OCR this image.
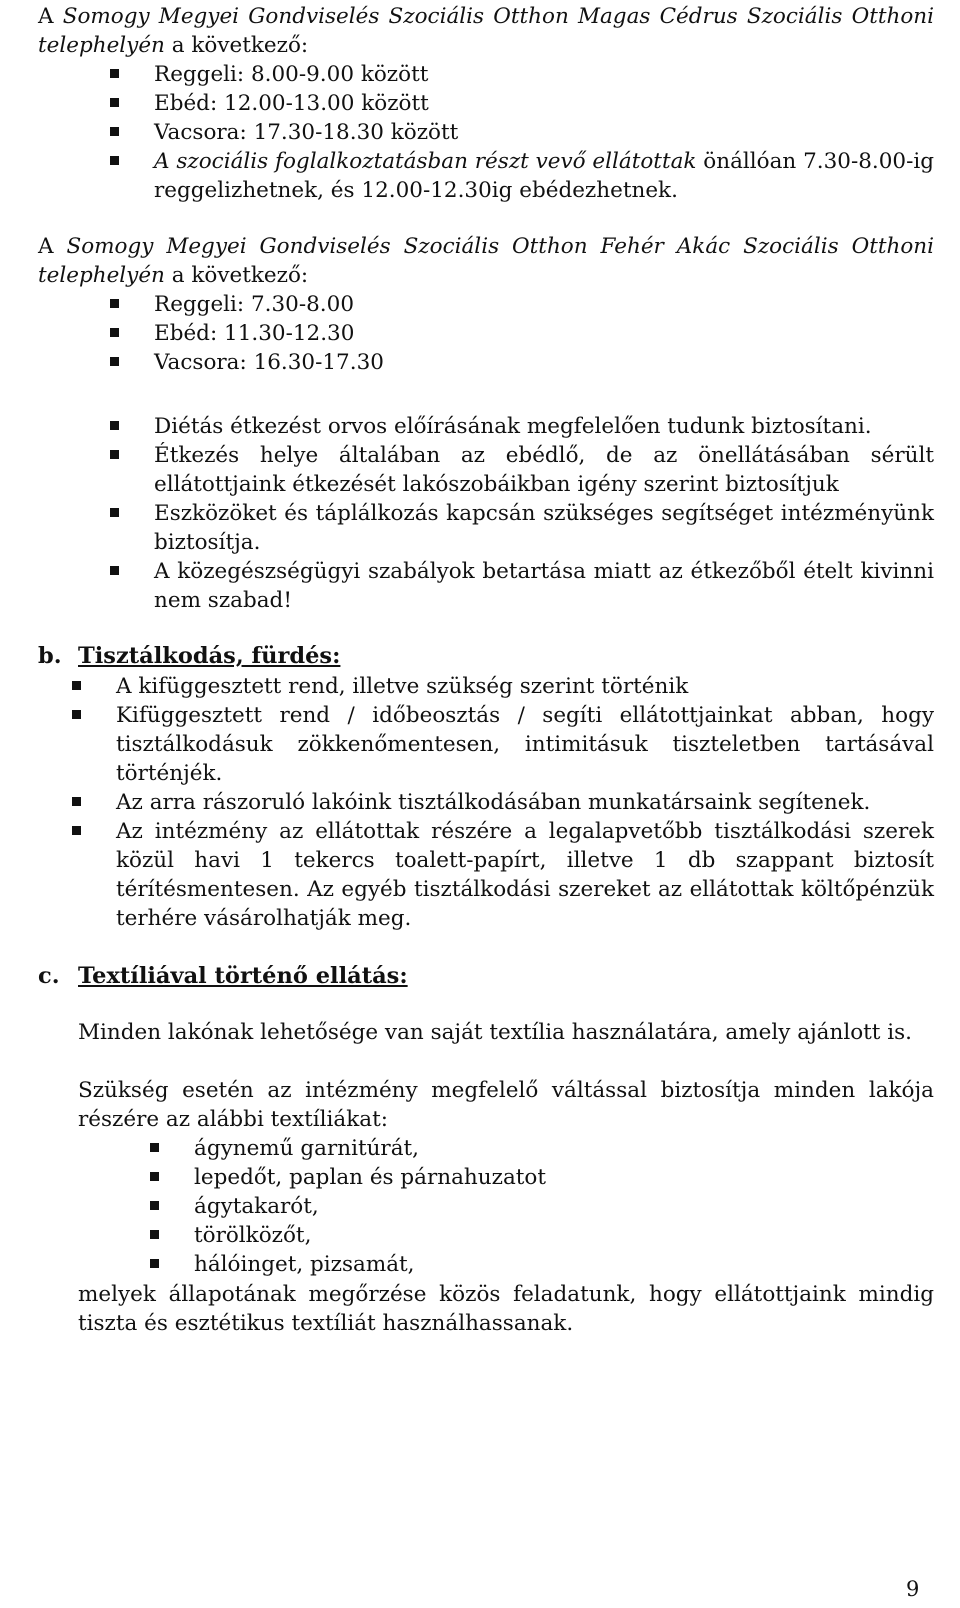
A Somogy Megyei Gondviselés Szociális Otthon Magas Cédrus Szociális Otthoni telephelyén a következő:
Reggeli: 8.00-9.00 között
Ebéd: 12.00-13.00 között
Vacsora: 17.30-18.30 között
A szociális foglalkoztatásban részt vevő ellátottak önállóan 7.30-8.00-ig reggelizhetnek, és 12.00-12.30ig ebédezhetnek.
A Somogy Megyei Gondviselés Szociális Otthon Fehér Akác Szociális Otthoni telephelyén a következő:
Reggeli: 7.30-8.00
Ebéd: 11.30-12.30
Vacsora: 16.30-17.30
Diétás étkezést orvos előírásának megfelelően tudunk biztosítani.
Étkezés helye általában az ebédlő, de az önellátásában sérült ellátottjaink étkezését lakószobáikban igény szerint biztosítjuk
Eszközöket és táplálkozás kapcsán szükséges segítséget intézményünk biztosítja.
A közegészségügyi szabályok betartása miatt az étkezőből ételt kivinni nem szabad!
b. Tisztálkodás, fürdés:
A kifüggesztett rend, illetve szükség szerint történik
Kifüggesztett rend / időbeosztás / segíti ellátottjainkat abban, hogy tisztálkodásuk zökkenőmentesen, intimitásuk tiszteletben tartásával történjék.
Az arra rászoruló lakóink tisztálkodásában munkatársaink segítenek.
Az intézmény az ellátottak részére a legalapvetőbb tisztálkodási szerek közül havi 1 tekercs toalett-papírt, illetve 1 db szappant biztosít térítésmentesen. Az egyéb tisztálkodási szereket az ellátottak költőpénzük terhére vásárolhatják meg.
c. Textíliával történő ellátás:
Minden lakónak lehetősége van saját textília használatára, amely ajánlott is.
Szükség esetén az intézmény megfelelő váltással biztosítja minden lakója részére az alábbi textíliákat:
ágynemű garnitúrát,
lepedőt, paplan és párnahuzatot
ágytakarót,
törölközőt,
hálóinget, pizsamát,
melyek állapotának megőrzése közös feladatunk, hogy ellátottjaink mindig tiszta és esztétikus textíliát használhassanak.
9
